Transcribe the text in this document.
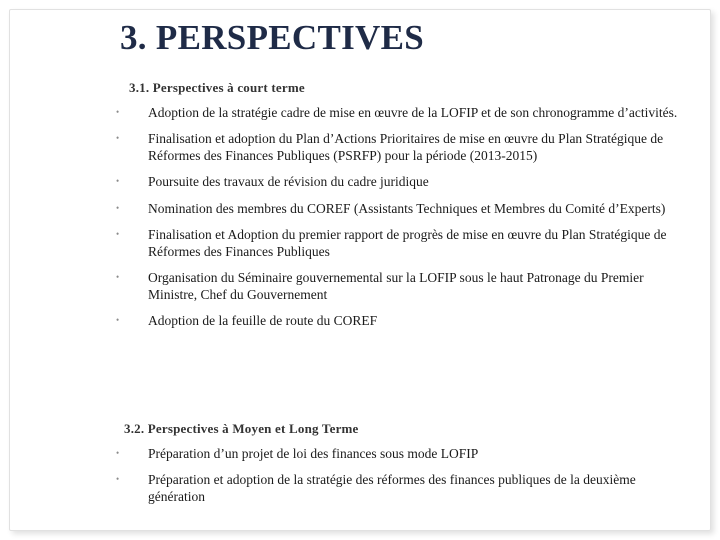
3. PERSPECTIVES
3.1. Perspectives à court terme
• Adoption de la stratégie cadre de mise en œuvre de la LOFIP et de son chronogramme d’activités.
• Finalisation et adoption du Plan d’Actions Prioritaires de mise en œuvre du Plan Stratégique de Réformes des Finances Publiques (PSRFP) pour la période (2013-2015)
• Poursuite des travaux de révision du cadre juridique
• Nomination des membres du COREF (Assistants Techniques et Membres du Comité d’Experts)
• Finalisation et Adoption du premier rapport de progrès de mise en œuvre du Plan Stratégique de Réformes des Finances Publiques
• Organisation du Séminaire gouvernemental sur la LOFIP sous le haut Patronage du Premier Ministre, Chef du Gouvernement
• Adoption de la feuille de route du COREF
3.2. Perspectives à Moyen et Long Terme
• Préparation d’un projet de loi des finances sous mode LOFIP
• Préparation et adoption de la stratégie des réformes des finances publiques de la deuxième génération
